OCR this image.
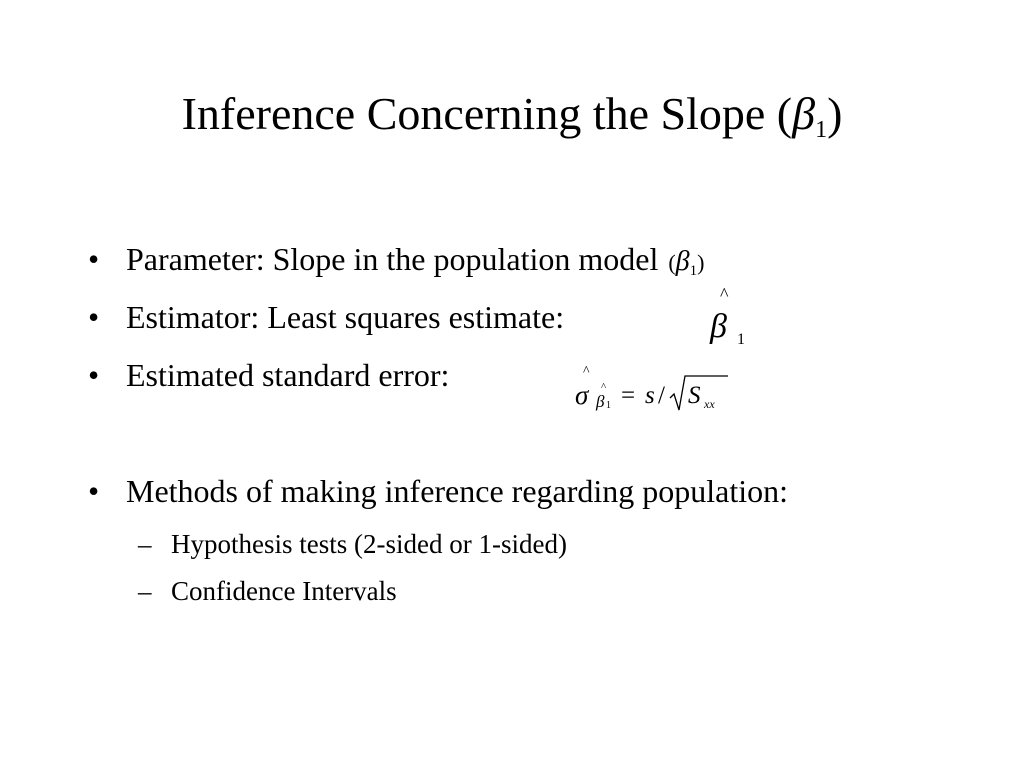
Inference Concerning the Slope $(\beta_1)$
• Parameter: Slope in the population model $(\beta_1)$
• Estimator: Least squares estimate:
^
β 1
• Estimated standard error:	^
σ ^
β 1 = s / S xx
• Methods of making inference regarding population:
– Hypothesis tests (2-sided or 1-sided)
– Confidence Intervals
